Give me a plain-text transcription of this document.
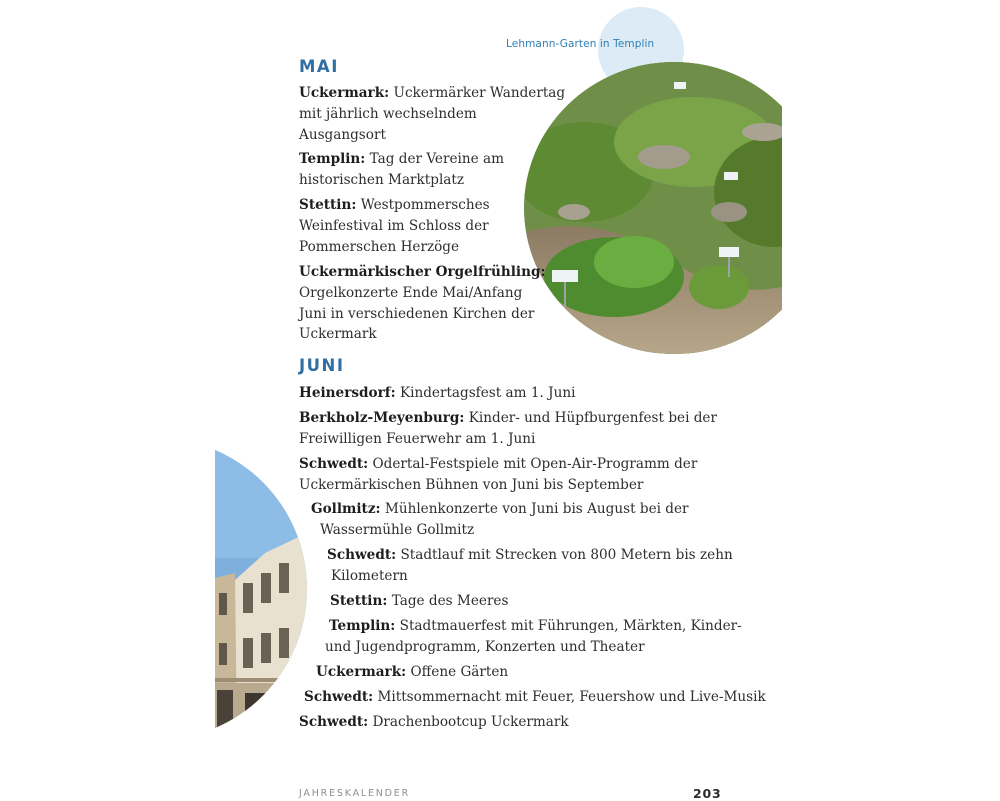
Lehmann-Garten in Templin
MAI
Uckermark: Uckermärker Wandertag
mit jährlich wechselndem
Ausgangsort
Templin: Tag der Vereine am
historischen Marktplatz
Stettin: Westpommersches
Weinfestival im Schloss der
Pommerschen Herzöge
Uckermärkischer Orgelfrühling:
Orgelkonzerte Ende Mai/Anfang
Juni in verschiedenen Kirchen der
Uckermark
JUNI
Heinersdorf: Kindertagsfest am 1. Juni
Berkholz-Meyenburg: Kinder- und Hüpfburgenfest bei der
Freiwilligen Feuerwehr am 1. Juni
Schwedt: Odertal-Festspiele mit Open-Air-Programm der
Uckermärkischen Bühnen von Juni bis September
Gollmitz: Mühlenkonzerte von Juni bis August bei der
Wassermühle Gollmitz
Schwedt: Stadtlauf mit Strecken von 800 Metern bis zehn
Kilometern
Stettin: Tage des Meeres
Templin: Stadtmauerfest mit Führungen, Märkten, Kinder-
und Jugendprogramm, Konzerten und Theater
Uckermark: Offene Gärten
Schwedt: Mittsommernacht mit Feuer, Feuershow und Live-Musik
Schwedt: Drachenbootcup Uckermark
JAHRESKALENDER	203
